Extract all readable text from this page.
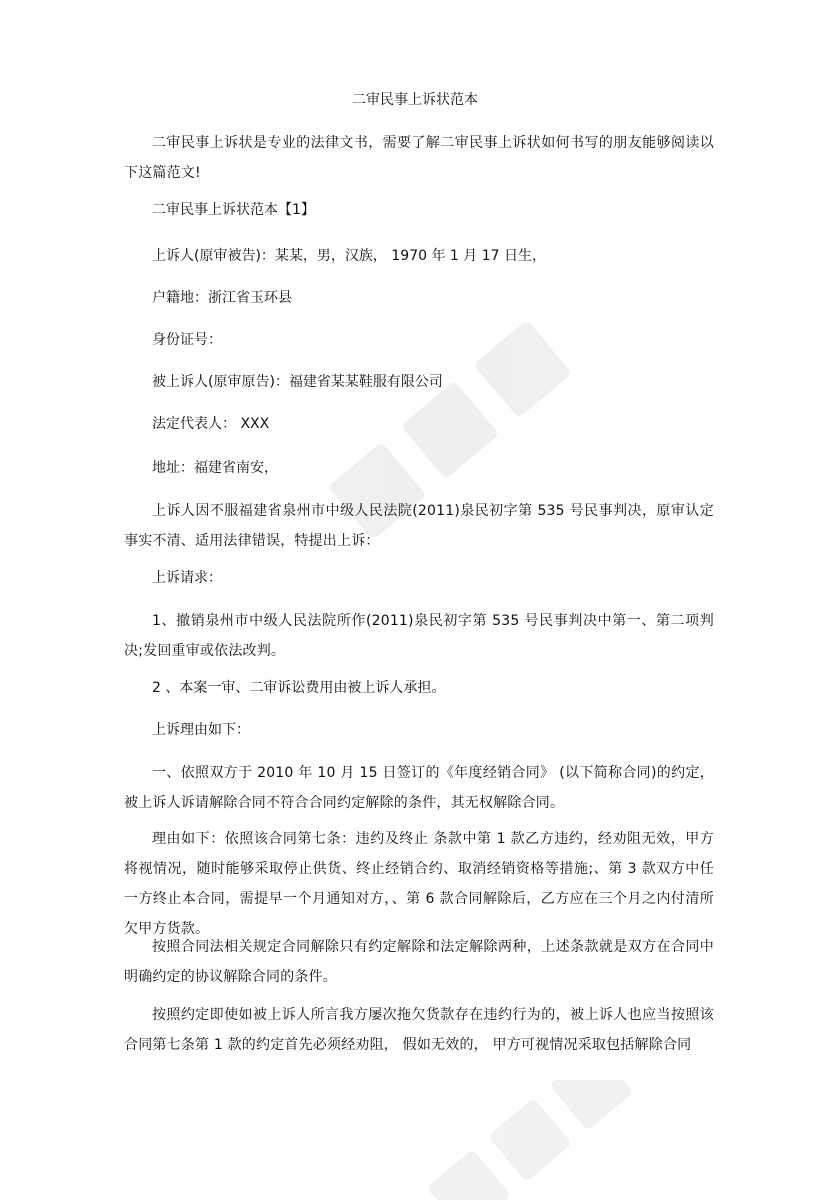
二审民事上诉状范本

二审民事上诉状是专业的法律文书，需要了解二审民事上诉状如何书写的朋友能够阅读以下这篇范文!

二审民事上诉状范本【1】

上诉人(原审被告)：某某，男，汉族， 1970 年 1 月 17 日生，

户籍地：浙江省玉环县

身份证号：

被上诉人(原审原告)：福建省某某鞋服有限公司

法定代表人： XXX

地址：福建省南安，

上诉人因不服福建省泉州市中级人民法院(2011)泉民初字第 535 号民事判决，原审认定事实不清、适用法律错误，特提出上诉：

上诉请求：

1、撤销泉州市中级人民法院所作(2011)泉民初字第 535 号民事判决中第一、第二项判决;发回重审或依法改判。

2 、本案一审、二审诉讼费用由被上诉人承担。

上诉理由如下：

一、依照双方于 2010 年 10 月 15 日签订的《年度经销合同》 (以下简称合同)的约定，被上诉人诉请解除合同不符合合同约定解除的条件，其无权解除合同。

理由如下：依照该合同第七条：违约及终止 条款中第 1 款乙方违约，经劝阻无效，甲方将视情况，随时能够采取停止供货、终止经销合约、取消经销资格等措施;、第 3 款双方中任一方终止本合同，需提早一个月通知对方，、第 6 款合同解除后，乙方应在三个月之内付清所欠甲方货款。

按照合同法相关规定合同解除只有约定解除和法定解除两种，上述条款就是双方在合同中明确约定的协议解除合同的条件。

按照约定即使如被上诉人所言我方屡次拖欠货款存在违约行为的，被上诉人也应当按照该合同第七条第 1 款的约定首先必须经劝阻， 假如无效的， 甲方可视情况采取包括解除合同
